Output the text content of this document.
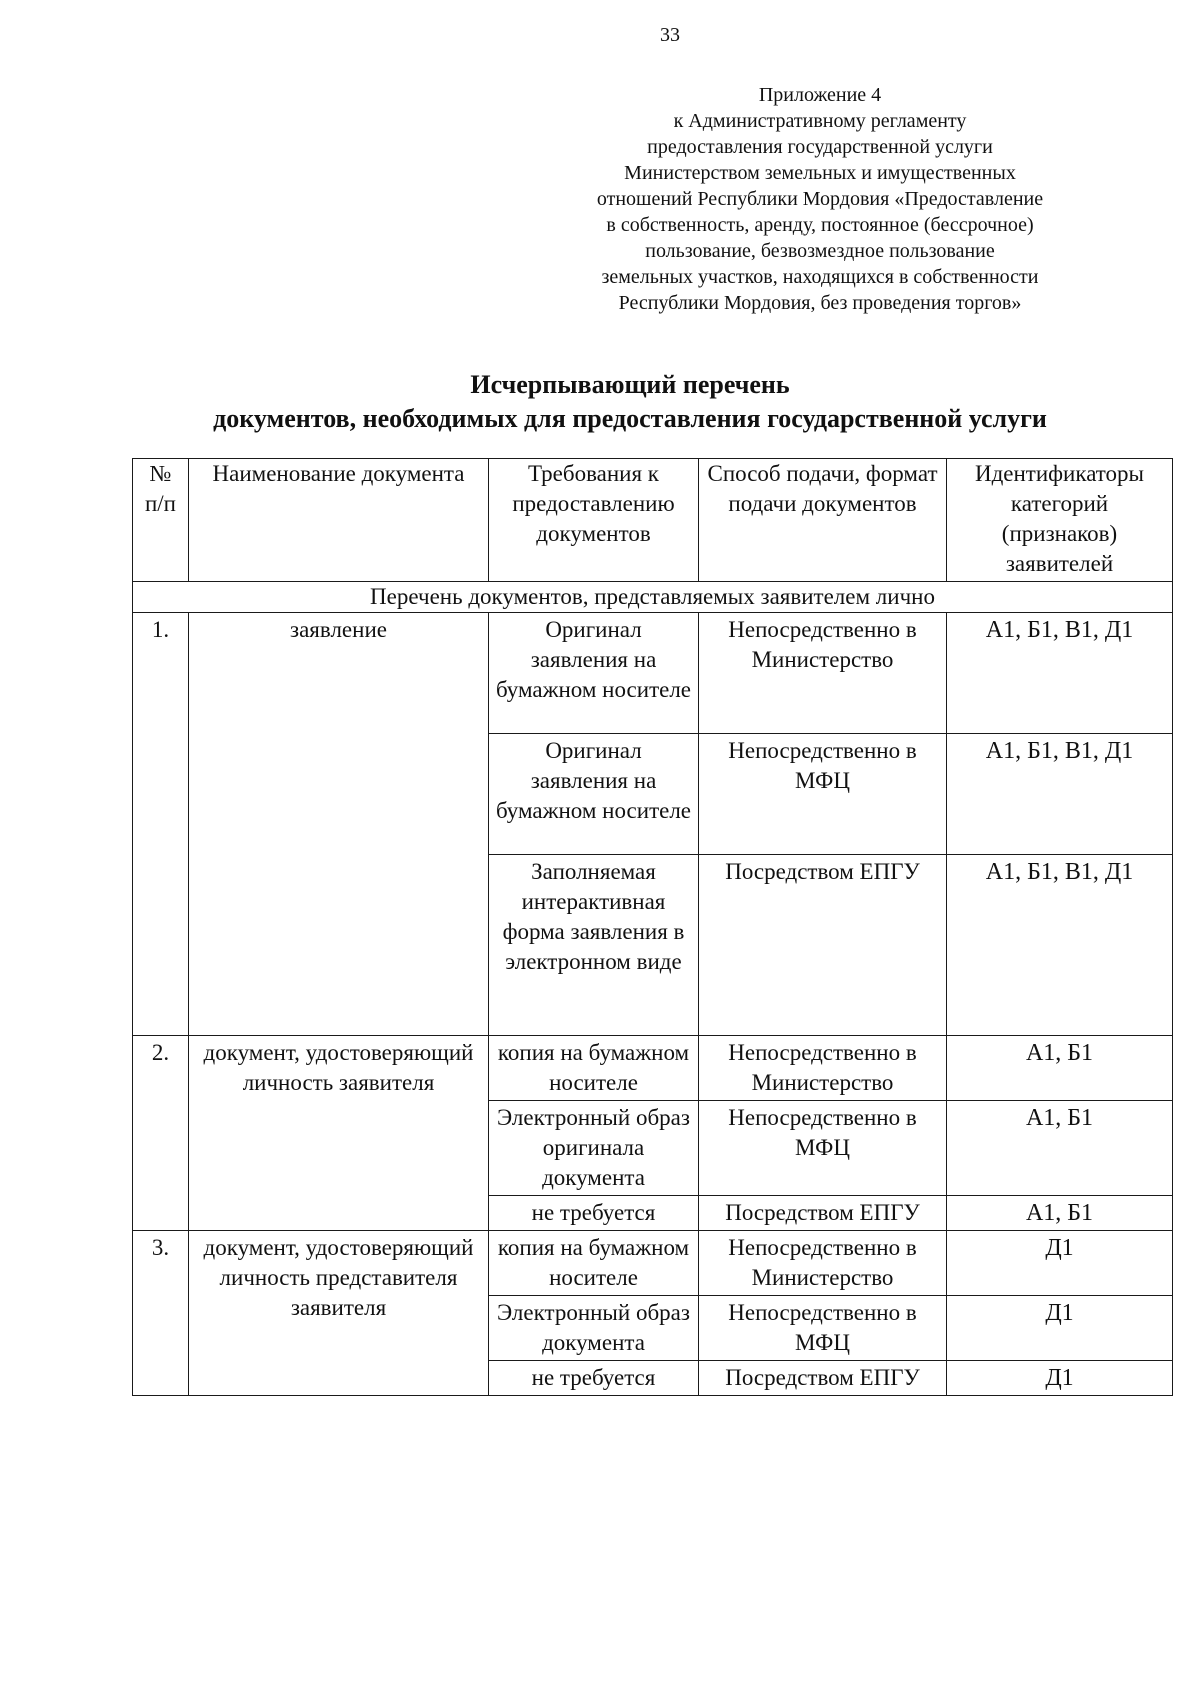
33
Приложение 4
к Административному регламенту
предоставления государственной услуги
Министерством земельных и имущественных
отношений Республики Мордовия «Предоставление
в собственность, аренду, постоянное (бессрочное)
пользование, безвозмездное пользование
земельных участков, находящихся в собственности
Республики Мордовия, без проведения торгов»
Исчерпывающий перечень
документов, необходимых для предоставления государственной услуги
№ п/п	Наименование документа	Требования к предоставлению документов	Способ подачи, формат подачи документов	Идентификаторы категорий (признаков) заявителей
Перечень документов, представляемых заявителем лично				
1.	заявление	Оригинал заявления на бумажном носителе	Непосредственно в Министерство	А1, Б1, В1, Д1
		Оригинал заявления на бумажном носителе	Непосредственно в МФЦ	А1, Б1, В1, Д1
		Заполняемая интерактивная форма заявления в электронном виде	Посредством ЕПГУ	А1, Б1, В1, Д1
2.	документ, удостоверяющий личность заявителя	копия на бумажном носителе	Непосредственно в Министерство	А1, Б1
		Электронный образ оригинала документа	Непосредственно в МФЦ	А1, Б1
		не требуется	Посредством ЕПГУ	А1, Б1
3.	документ, удостоверяющий личность представителя заявителя	копия на бумажном носителе	Непосредственно в Министерство	Д1
		Электронный образ документа	Непосредственно в МФЦ	Д1
		не требуется	Посредством ЕПГУ	Д1
